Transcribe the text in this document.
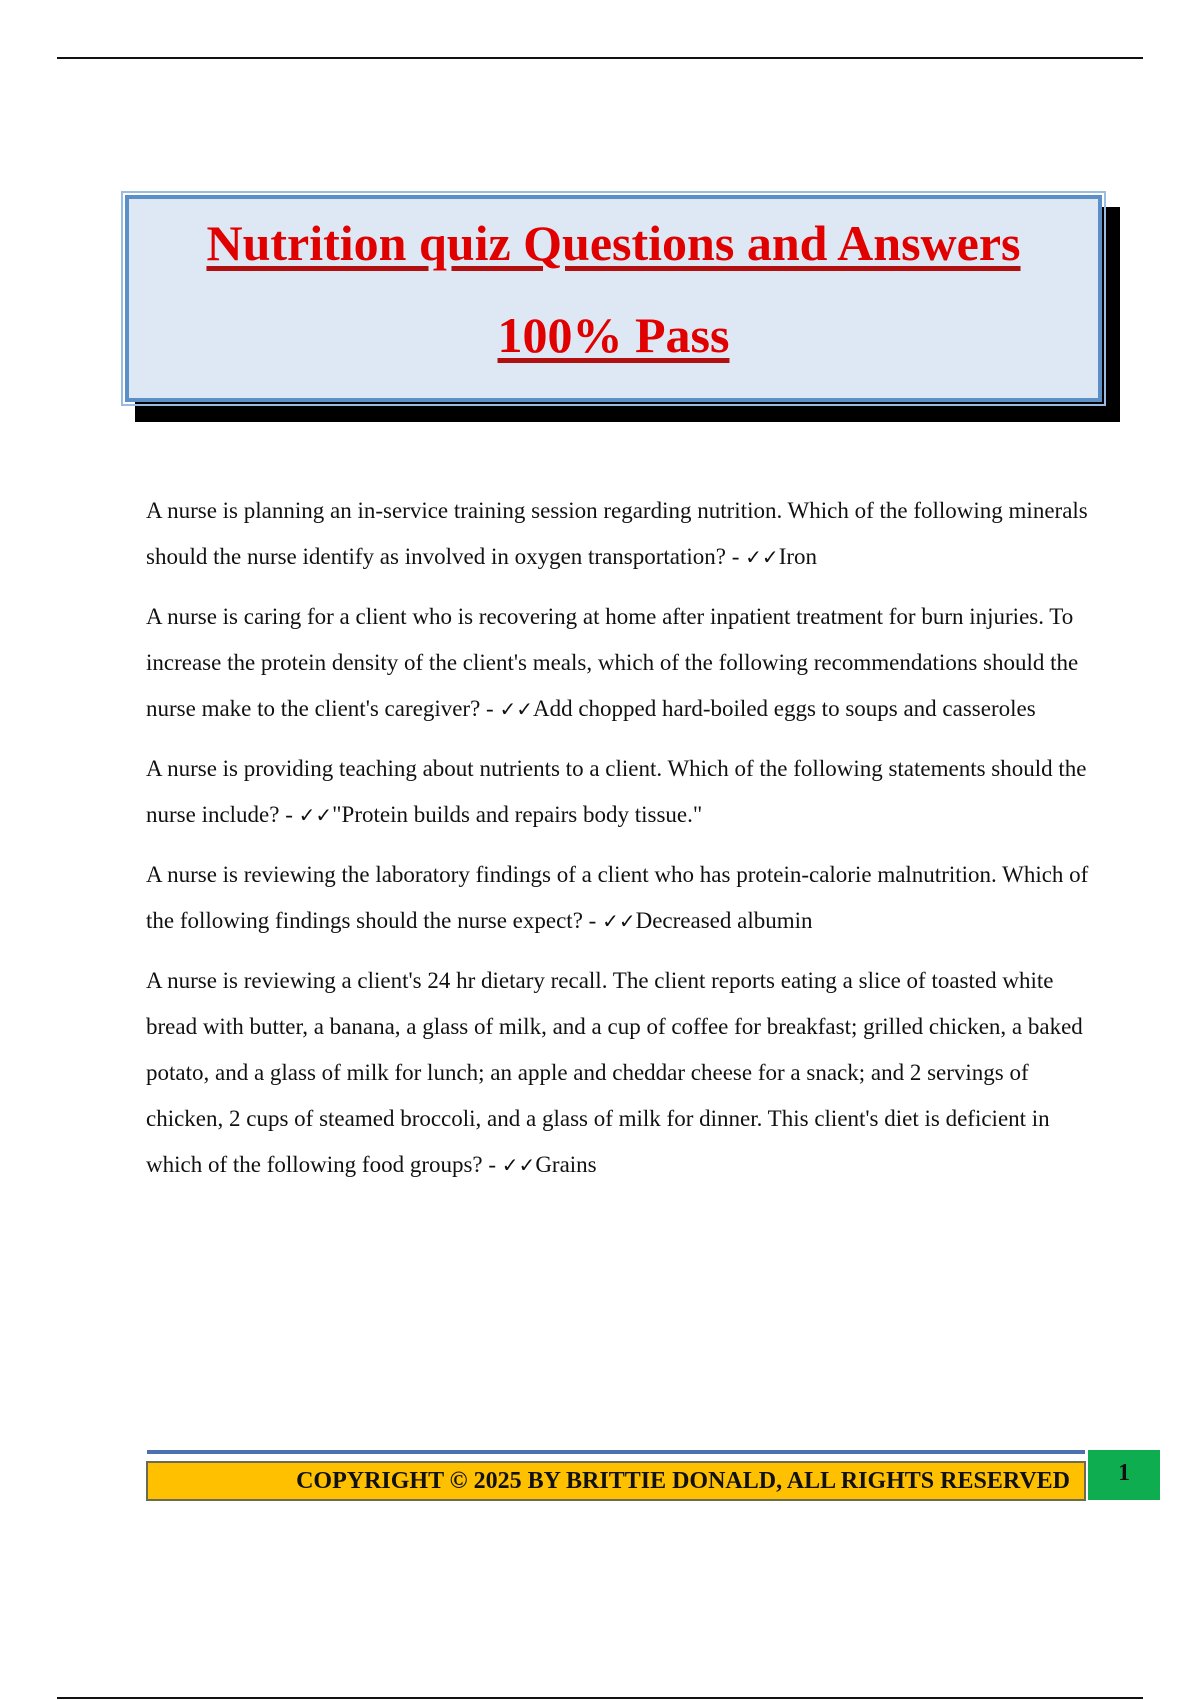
Nutrition quiz Questions and Answers
100% Pass

A nurse is planning an in-service training session regarding nutrition. Which of the following minerals should the nurse identify as involved in oxygen transportation? - ✓✓Iron

A nurse is caring for a client who is recovering at home after inpatient treatment for burn injuries. To increase the protein density of the client's meals, which of the following recommendations should the nurse make to the client's caregiver? - ✓✓Add chopped hard-boiled eggs to soups and casseroles

A nurse is providing teaching about nutrients to a client. Which of the following statements should the nurse include? - ✓✓"Protein builds and repairs body tissue."

A nurse is reviewing the laboratory findings of a client who has protein-calorie malnutrition. Which of the following findings should the nurse expect? - ✓✓Decreased albumin

A nurse is reviewing a client's 24 hr dietary recall. The client reports eating a slice of toasted white bread with butter, a banana, a glass of milk, and a cup of coffee for breakfast; grilled chicken, a baked potato, and a glass of milk for lunch; an apple and cheddar cheese for a snack; and 2 servings of chicken, 2 cups of steamed broccoli, and a glass of milk for dinner. This client's diet is deficient in which of the following food groups? - ✓✓Grains

COPYRIGHT © 2025 BY BRITTIE DONALD, ALL RIGHTS RESERVED	1
